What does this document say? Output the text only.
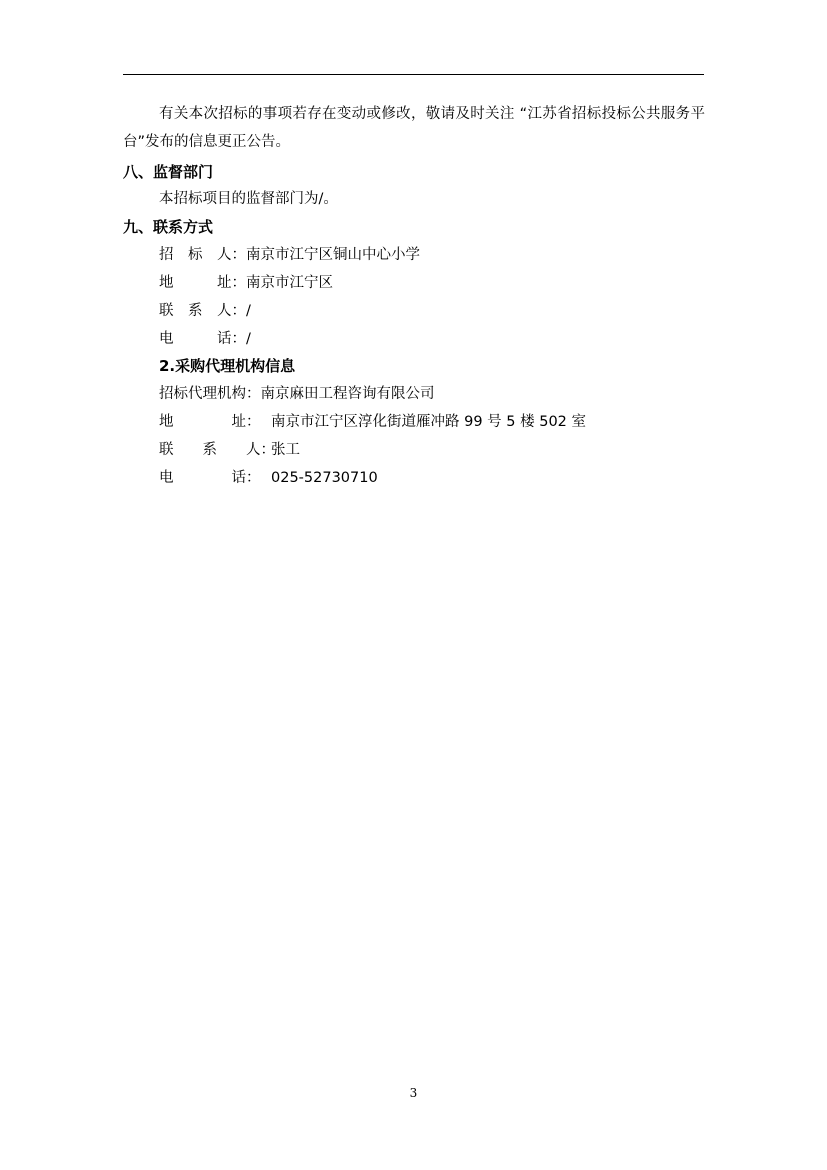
有关本次招标的事项若存在变动或修改，敬请及时关注 “江苏省招标投标公共服务平台”发布的信息更正公告。
八、监督部门
本招标项目的监督部门为/。
九、联系方式
招　标　人：南京市江宁区铜山中心小学
地　　　址：南京市江宁区
联　系　人：/
电　　　话：/
2.采购代理机构信息
招标代理机构：南京麻田工程咨询有限公司
地　　　　址： 南京市江宁区淳化街道雁冲路 99 号 5 楼 502 室
联　　系　　人：
张工
电　　　　话： 025-52730710
3
